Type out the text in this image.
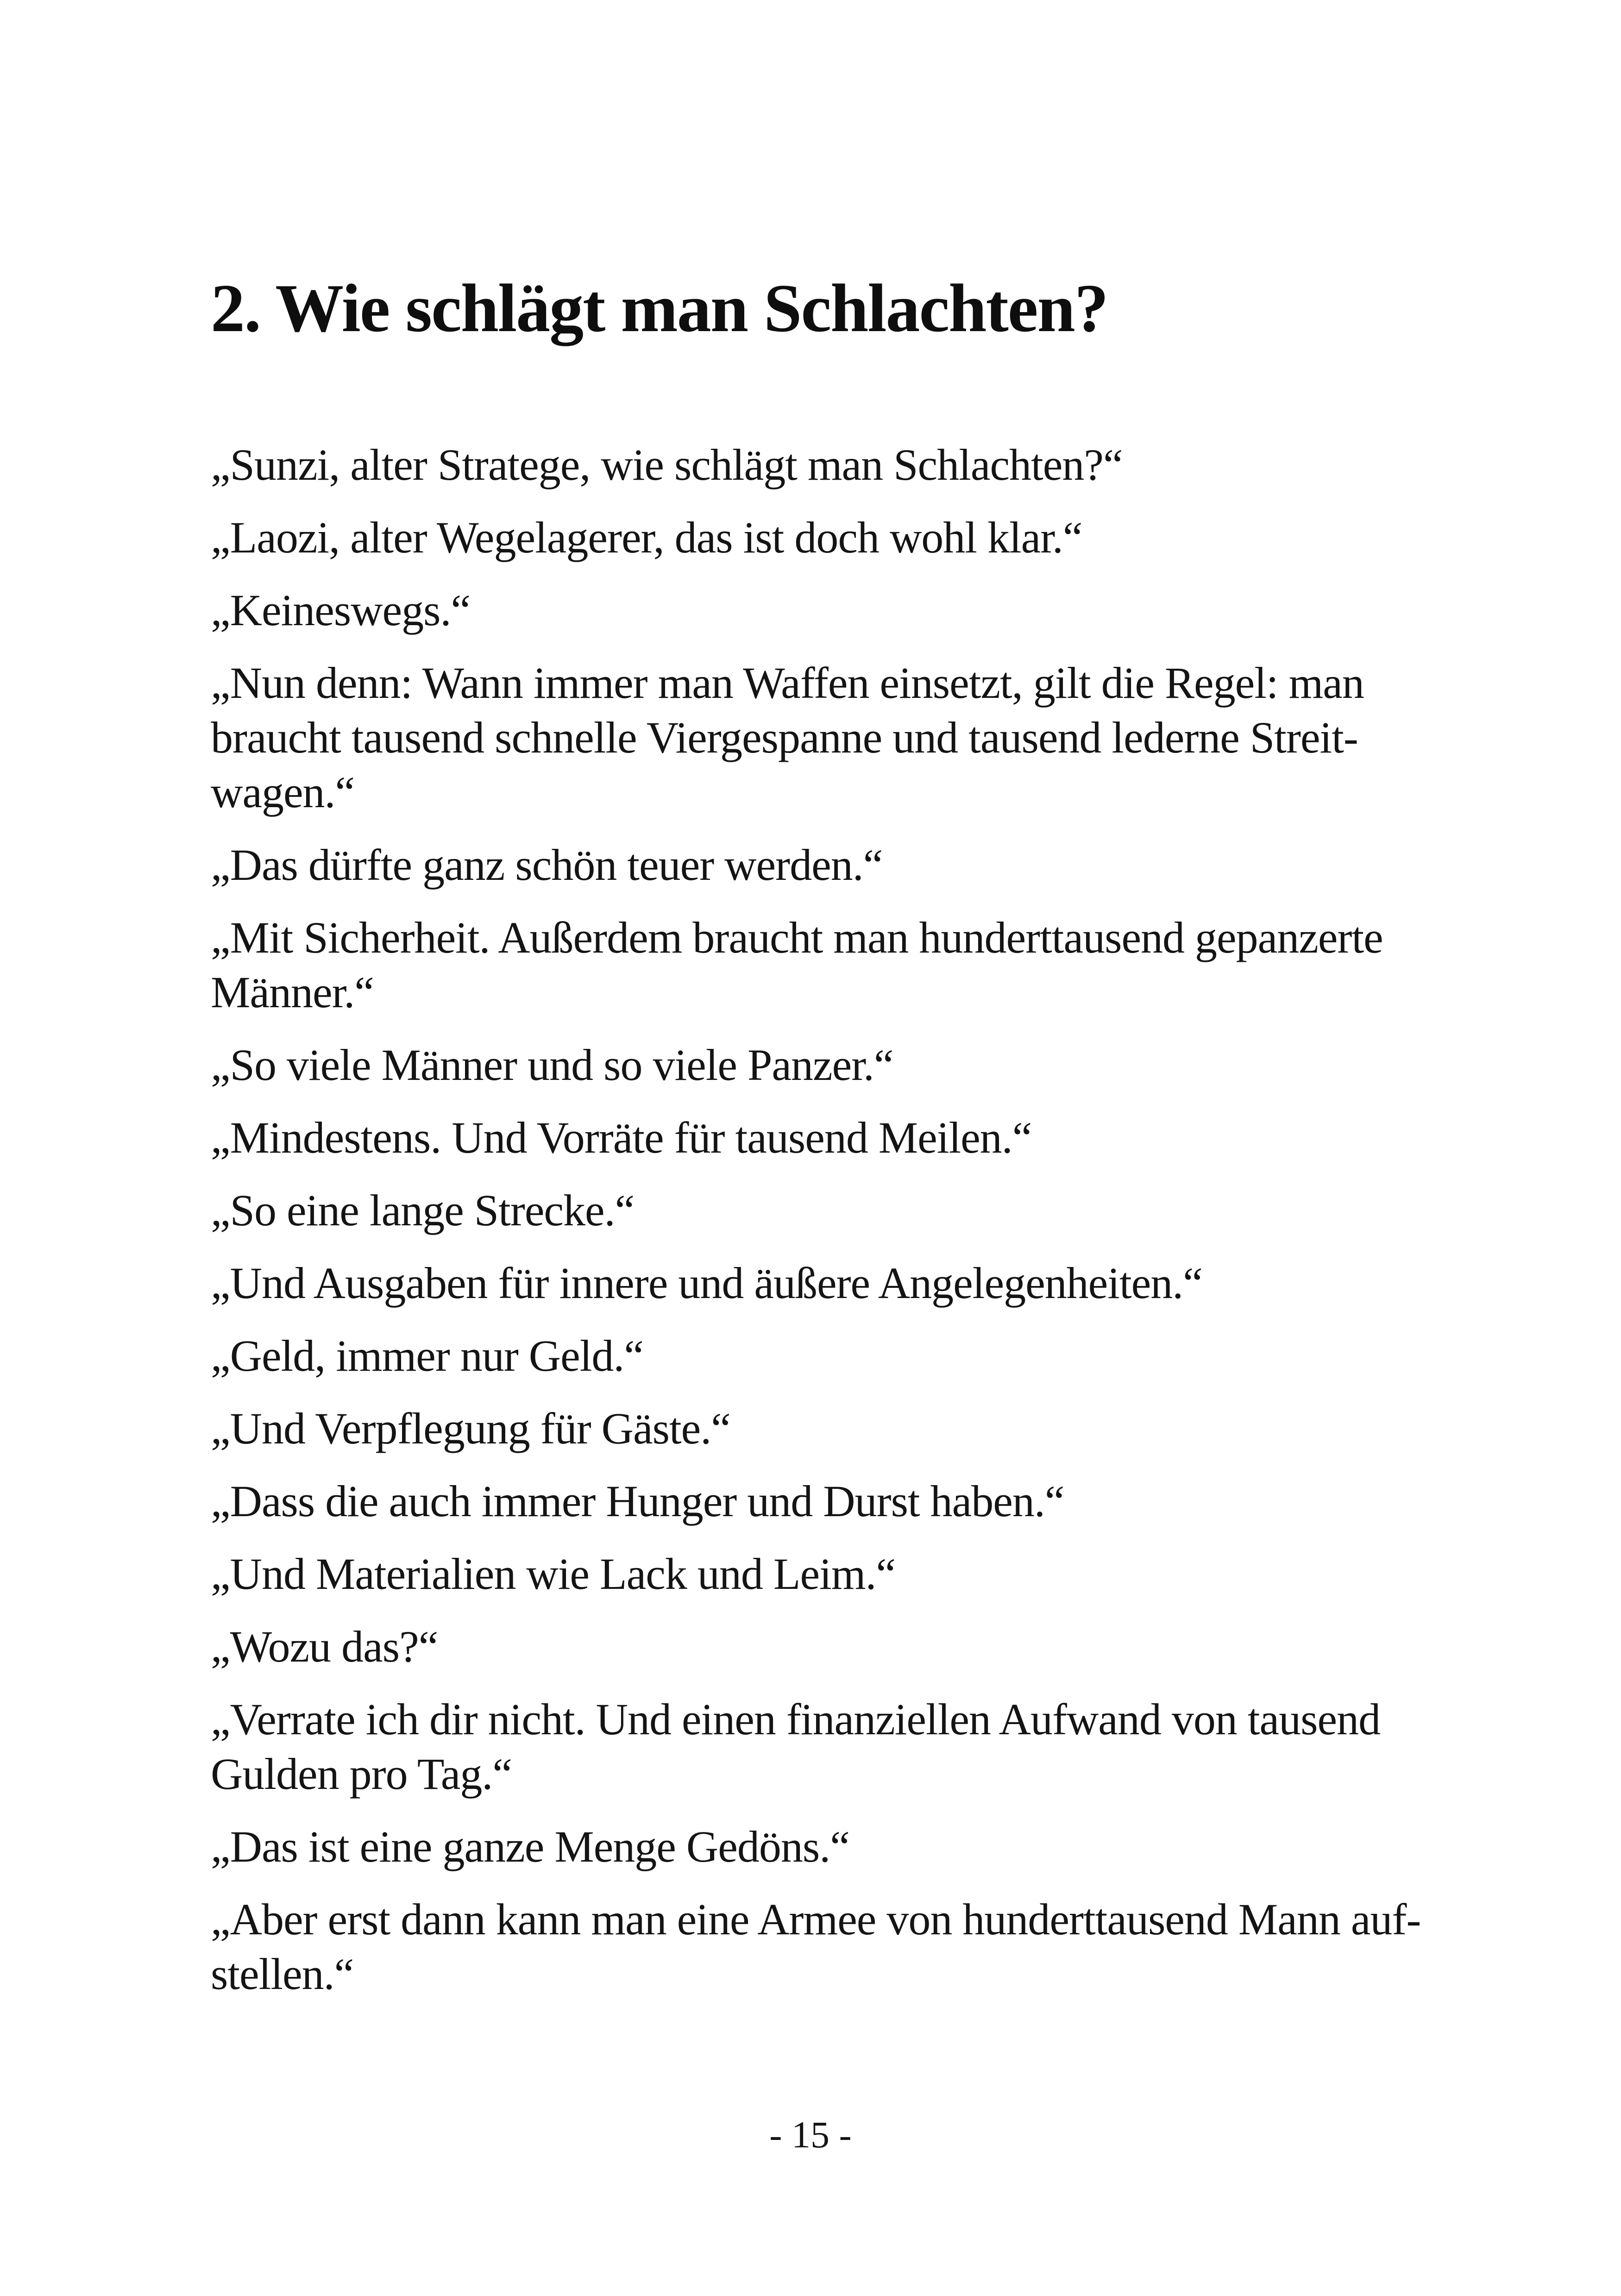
2. Wie schlägt man Schlachten?

„Sunzi, alter Stratege, wie schlägt man Schlachten?“

„Laozi, alter Wegelagerer, das ist doch wohl klar.“

„Keineswegs.“

„Nun denn: Wann immer man Waffen einsetzt, gilt die Regel: man braucht tausend schnelle Viergespanne und tausend lederne Streit-wagen.“

„Das dürfte ganz schön teuer werden.“

„Mit Sicherheit. Außerdem braucht man hunderttausend gepanzerte Männer.“

„So viele Männer und so viele Panzer.“

„Mindestens. Und Vorräte für tausend Meilen.“

„So eine lange Strecke.“

„Und Ausgaben für innere und äußere Angelegenheiten.“

„Geld, immer nur Geld.“

„Und Verpflegung für Gäste.“

„Dass die auch immer Hunger und Durst haben.“

„Und Materialien wie Lack und Leim.“

„Wozu das?“

„Verrate ich dir nicht. Und einen finanziellen Aufwand von tausend Gulden pro Tag.“

„Das ist eine ganze Menge Gedöns.“

„Aber erst dann kann man eine Armee von hunderttausend Mann auf-stellen.“

- 15 -
